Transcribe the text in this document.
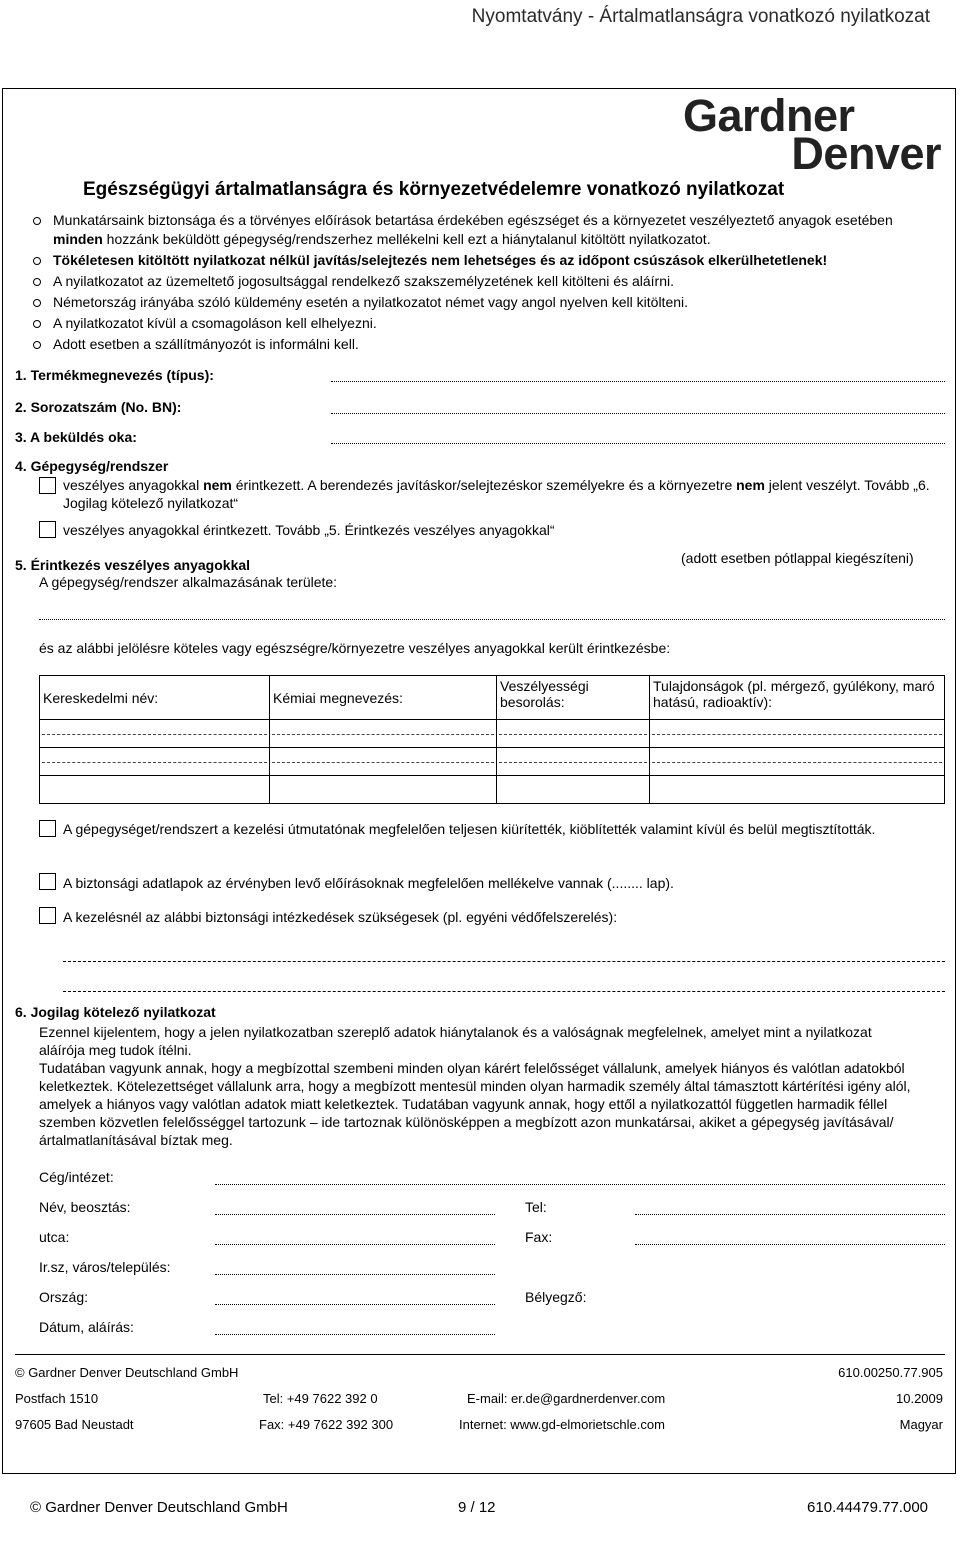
Nyomtatvány - Ártalmatlanságra vonatkozó nyilatkozat
Gardner
Denver
Egészségügyi ártalmatlanságra és környezetvédelemre vonatkozó nyilatkozat
Munkatársaink biztonsága és a törvényes előírások betartása érdekében egészséget és a környezetet veszélyeztető anyagok esetében minden hozzánk beküldött gépegység/rendszerhez mellékelni kell ezt a hiánytalanul kitöltött nyilatkozatot.
Tökéletesen kitöltött nyilatkozat nélkül javítás/selejtezés nem lehetséges és az időpont csúszások elkerülhetetlenek!
A nyilatkozatot az üzemeltető jogosultsággal rendelkező szakszemélyzetének kell kitölteni és aláírni.
Németország irányába szóló küldemény esetén a nyilatkozatot német vagy angol nyelven kell kitölteni.
A nyilatkozatot kívül a csomagoláson kell elhelyezni.
Adott esetben a szállítmányozót is informálni kell.
1. Termékmegnevezés (típus):
2. Sorozatszám (No. BN):
3. A beküldés oka:
4. Gépegység/rendszer
veszélyes anyagokkal nem érintkezett. A berendezés javításkor/selejtezéskor személyekre és a környezetre nem jelent veszélyt. Tovább „6. Jogilag kötelező nyilatkozat“
veszélyes anyagokkal érintkezett. Tovább „5. Érintkezés veszélyes anyagokkal“
5. Érintkezés veszélyes anyagokkal	(adott esetben pótlappal kiegészíteni)
A gépegység/rendszer alkalmazásának területe:
és az alábbi jelölésre köteles vagy egészségre/környezetre veszélyes anyagokkal került érintkezésbe:
Kereskedelmi név:	Kémiai megnevezés:	Veszélyességi besorolás:	Tulajdonságok (pl. mérgező, gyúlékony, maró hatású, radioaktív):

A gépegységet/rendszert a kezelési útmutatónak megfelelően teljesen kiürítették, kiöblítették valamint kívül és belül megtisztították.
A biztonsági adatlapok az érvényben levő előírásoknak megfelelően mellékelve vannak (........ lap).
A kezelésnél az alábbi biztonsági intézkedések szükségesek (pl. egyéni védőfelszerelés):
6. Jogilag kötelező nyilatkozat
Ezennel kijelentem, hogy a jelen nyilatkozatban szereplő adatok hiánytalanok és a valóságnak megfelelnek, amelyet mint a nyilatkozat aláírója meg tudok ítélni.
Tudatában vagyunk annak, hogy a megbízottal szembeni minden olyan kárért felelősséget vállalunk, amelyek hiányos és valótlan adatokból keletkeztek. Kötelezettséget vállalunk arra, hogy a megbízott mentesül minden olyan harmadik személy által támasztott kártérítési igény alól, amelyek a hiányos vagy valótlan adatok miatt keletkeztek. Tudatában vagyunk annak, hogy ettől a nyilatkozattól független harmadik féllel szemben közvetlen felelősséggel tartozunk – ide tartoznak különösképpen a megbízott azon munkatársai, akiket a gépegység javításával/ártalmatlanításával bíztak meg.
Cég/intézet:
Név, beosztás:	Tel:
utca:	Fax:
Ir.sz, város/település:
Ország:	Bélyegző:
Dátum, aláírás:
© Gardner Denver Deutschland GmbH	610.00250.77.905
Postfach 1510	Tel: +49 7622 392 0	E-mail: er.de@gardnerdenver.com	10.2009
97605 Bad Neustadt	Fax: +49 7622 392 300	Internet: www.gd-elmorietschle.com	Magyar
© Gardner Denver Deutschland GmbH	9 / 12	610.44479.77.000
